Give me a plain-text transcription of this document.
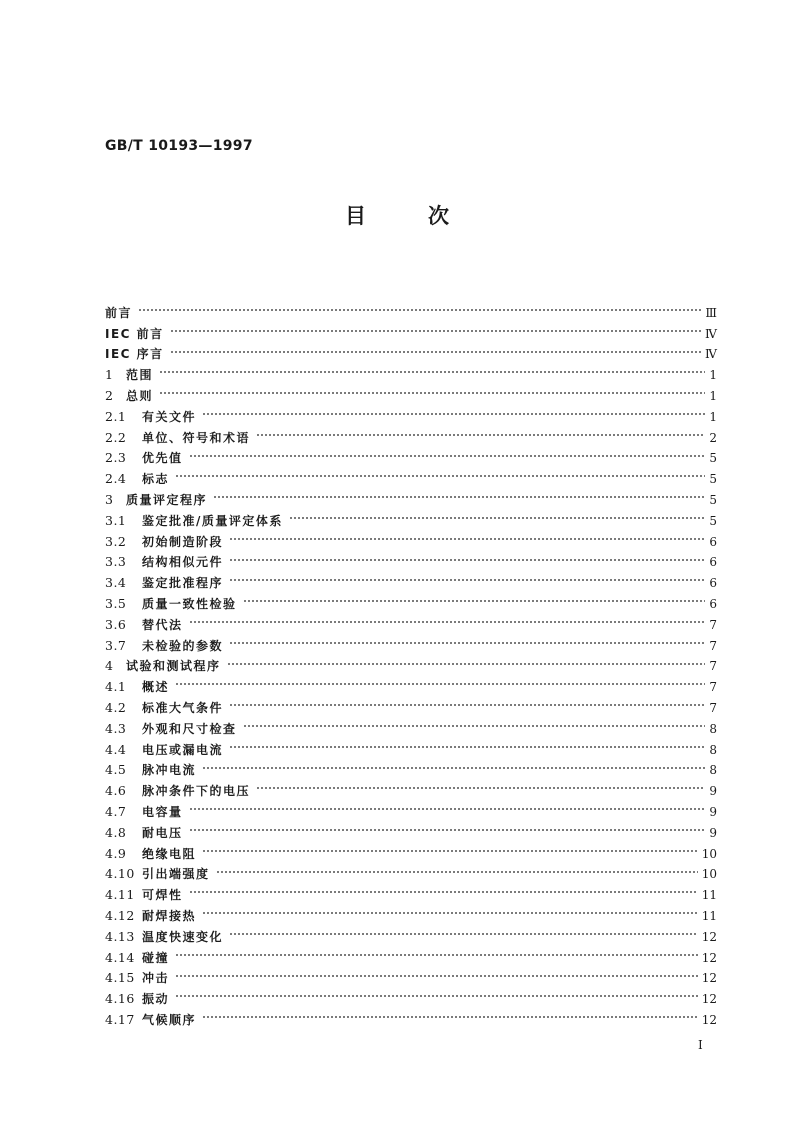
GB/T 10193—1997
目	次
前言	Ⅲ
IEC 前言	Ⅳ
IEC 序言	Ⅳ
1	范围	1
2	总则	1
2.1	有关文件	1
2.2	单位、符号和术语	2
2.3	优先值	5
2.4	标志	5
3	质量评定程序	5
3.1	鉴定批准/质量评定体系	5
3.2	初始制造阶段	6
3.3	结构相似元件	6
3.4	鉴定批准程序	6
3.5	质量一致性检验	6
3.6	替代法	7
3.7	未检验的参数	7
4	试验和测试程序	7
4.1	概述	7
4.2	标准大气条件	7
4.3	外观和尺寸检查	8
4.4	电压或漏电流	8
4.5	脉冲电流	8
4.6	脉冲条件下的电压	9
4.7	电容量	9
4.8	耐电压	9
4.9	绝缘电阻	10
4.10 引出端强度	10
4.11 可焊性	11
4.12 耐焊接热	11
4.13 温度快速变化	12
4.14 碰撞	12
4.15 冲击	12
4.16 振动	12
4.17 气候顺序	12
I
